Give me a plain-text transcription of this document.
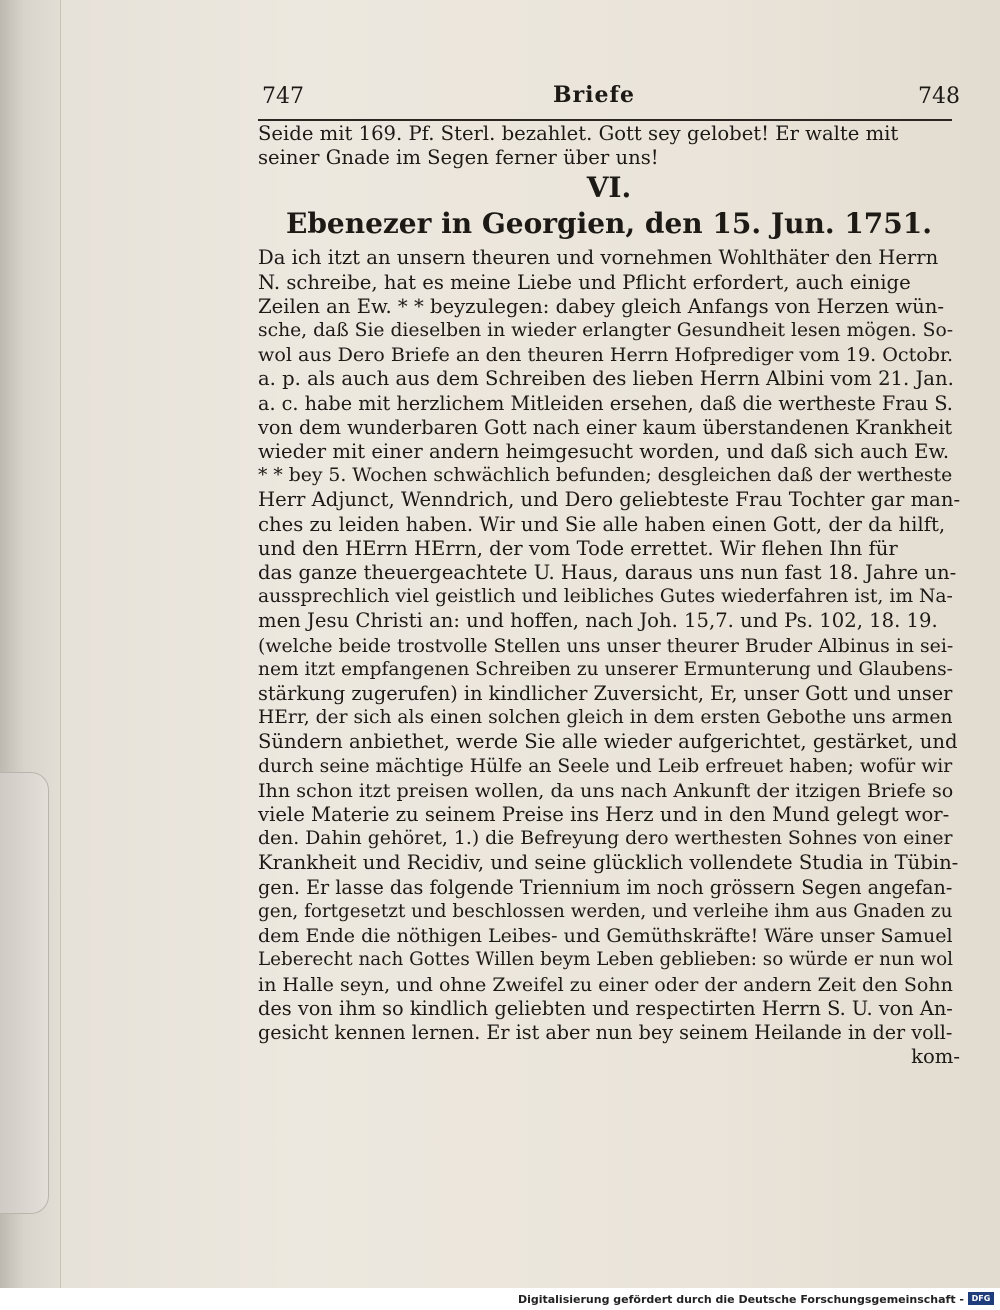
747	Briefe	748
Seide mit 169. Pf. Sterl. bezahlet. Gott sey gelobet! Er walte mit
seiner Gnade im Segen ferner über uns!
VI.
Ebenezer in Georgien, den 15. Jun. 1751.
Da ich itzt an unsern theuren und vornehmen Wohlthäter den Herrn
N. schreibe, hat es meine Liebe und Pflicht erfordert, auch einige
Zeilen an Ew. * * beyzulegen: dabey gleich Anfangs von Herzen wün-
sche, daß Sie dieselben in wieder erlangter Gesundheit lesen mögen. So-
wol aus Dero Briefe an den theuren Herrn Hofprediger vom 19. Octobr.
a. p. als auch aus dem Schreiben des lieben Herrn Albini vom 21. Jan.
a. c. habe mit herzlichem Mitleiden ersehen, daß die wertheste Frau S.
von dem wunderbaren Gott nach einer kaum überstandenen Krankheit
wieder mit einer andern heimgesucht worden, und daß sich auch Ew.
* * bey 5. Wochen schwächlich befunden; desgleichen daß der wertheste
Herr Adjunct, Wenndrich, und Dero geliebteste Frau Tochter gar man-
ches zu leiden haben. Wir und Sie alle haben einen Gott, der da hilft,
und den HErrn HErrn, der vom Tode errettet. Wir flehen Ihn für
das ganze theuergeachtete U. Haus, daraus uns nun fast 18. Jahre un-
aussprechlich viel geistlich und leibliches Gutes wiederfahren ist, im Na-
men Jesu Christi an: und hoffen, nach Joh. 15,7. und Ps. 102, 18. 19.
(welche beide trostvolle Stellen uns unser theurer Bruder Albinus in sei-
nem itzt empfangenen Schreiben zu unserer Ermunterung und Glaubens-
stärkung zugerufen) in kindlicher Zuversicht, Er, unser Gott und unser
HErr, der sich als einen solchen gleich in dem ersten Gebothe uns armen
Sündern anbiethet, werde Sie alle wieder aufgerichtet, gestärket, und
durch seine mächtige Hülfe an Seele und Leib erfreuet haben; wofür wir
Ihn schon itzt preisen wollen, da uns nach Ankunft der itzigen Briefe so
viele Materie zu seinem Preise ins Herz und in den Mund gelegt wor-
den. Dahin gehöret, 1.) die Befreyung dero werthesten Sohnes von einer
Krankheit und Recidiv, und seine glücklich vollendete Studia in Tübin-
gen. Er lasse das folgende Triennium im noch grössern Segen angefan-
gen, fortgesetzt und beschlossen werden, und verleihe ihm aus Gnaden zu
dem Ende die nöthigen Leibes- und Gemüthskräfte! Wäre unser Samuel
Leberecht nach Gottes Willen beym Leben geblieben: so würde er nun wol
in Halle seyn, und ohne Zweifel zu einer oder der andern Zeit den Sohn
des von ihm so kindlich geliebten und respectirten Herrn S. U. von An-
gesicht kennen lernen. Er ist aber nun bey seinem Heilande in der voll-
kom-
Digitalisierung gefördert durch die Deutsche Forschungsgemeinschaft - DFG
